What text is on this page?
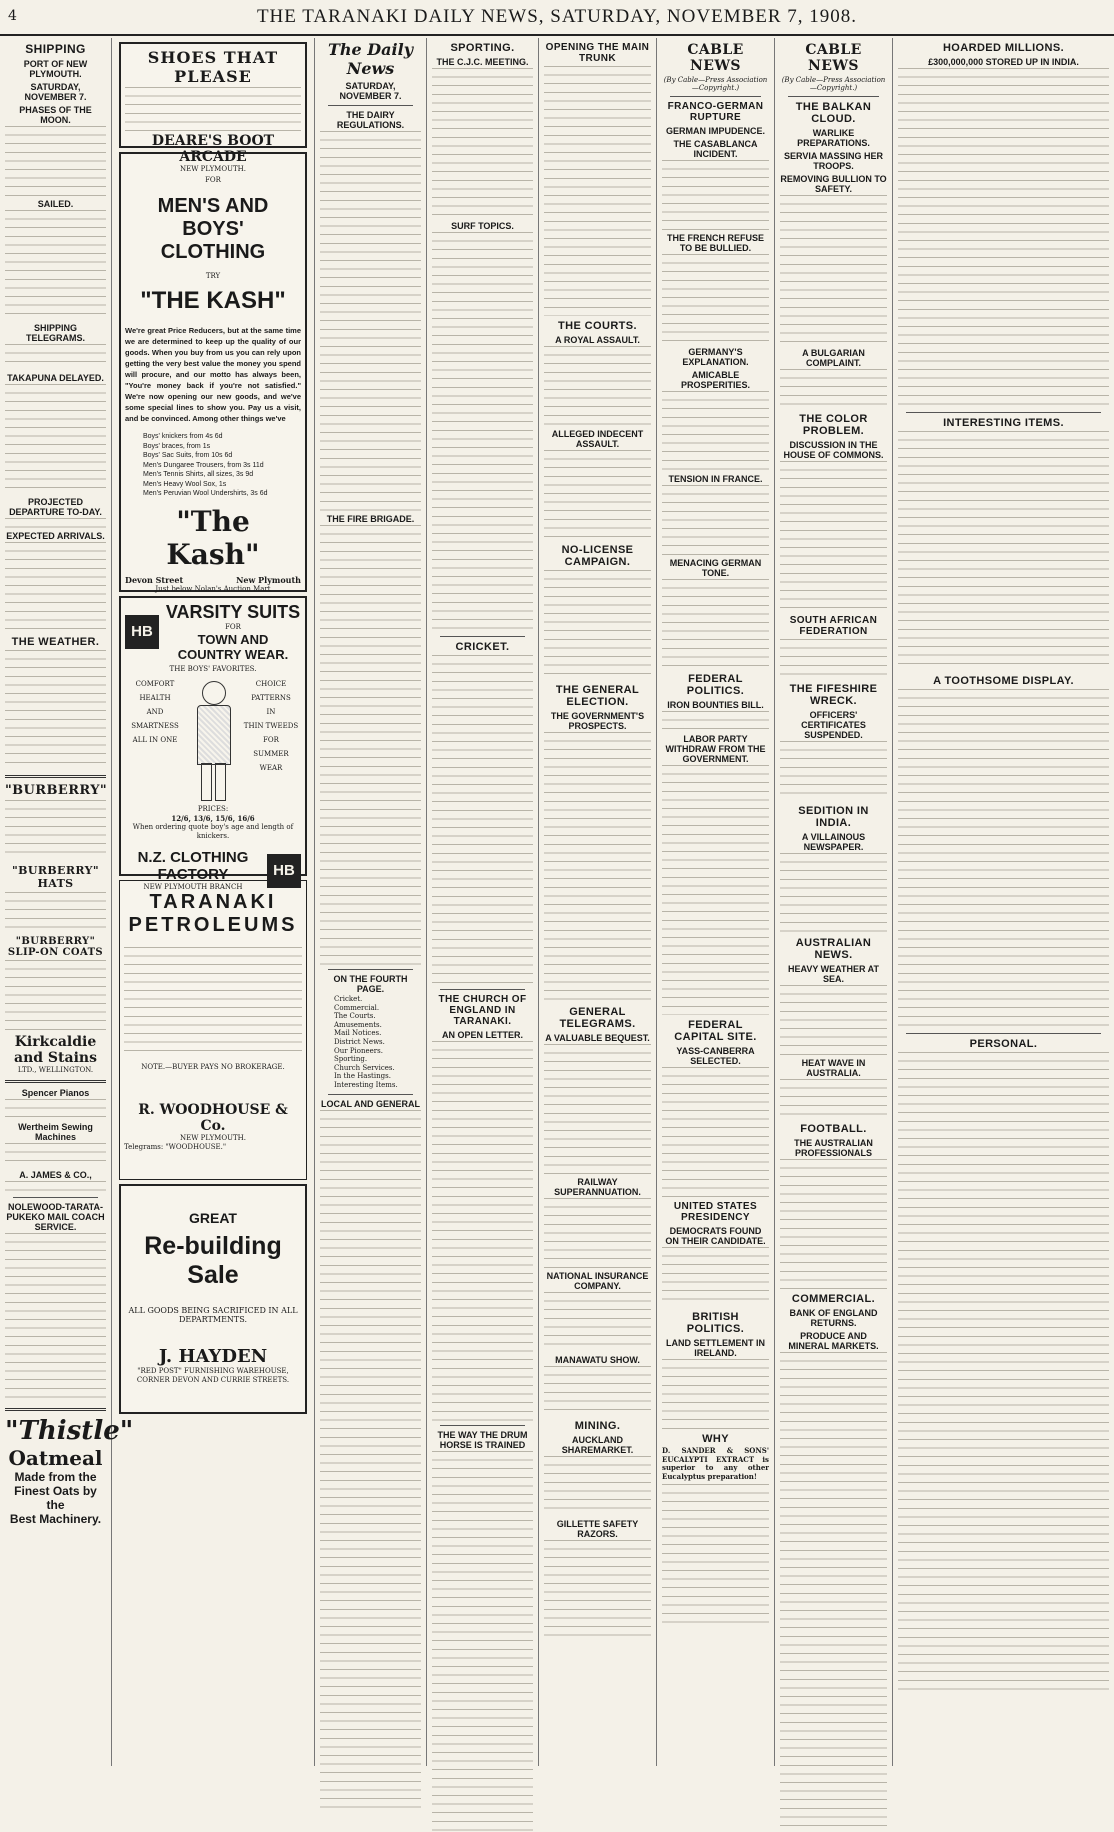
4	THE TARANAKI DAILY NEWS, SATURDAY, NOVEMBER 7, 1908.
SHIPPING
PORT OF NEW PLYMOUTH.
SATURDAY, NOVEMBER 7.
PHASES OF THE MOON.
SAILED.
SHIPPING TELEGRAMS.
TAKAPUNA DELAYED.
PROJECTED DEPARTURE TO-DAY.
EXPECTED ARRIVALS.
THE WEATHER.
"BURBERRY"
"BURBERRY" HATS
"BURBERRY" SLIP-ON COATS
Kirkcaldie and Stains
LTD., WELLINGTON.
Spencer Pianos
Wertheim Sewing Machines
A. JAMES & CO.,
NOLEWOOD-TARATA-PUKEKO MAIL COACH SERVICE.
"Thistle"
Oatmeal
Made from the
Finest Oats by the
Best Machinery.
SHOES THAT PLEASE
DEARE'S BOOT ARCADE
NEW PLYMOUTH.
FOR
MEN'S AND BOYS'
CLOTHING
TRY
"THE KASH"
We're great Price Reducers, but at the same time we are determined to keep up the quality of our goods. When you buy from us you can rely upon getting the very best value the money you spend will procure, and our motto has always been, "You're money back if you're not satisfied." We're now opening our new goods, and we've some special lines to show you. Pay us a visit, and be convinced. Among other things we've
Boys' knickers from 4s 6d
Boys' braces, from 1s
Boys' Sac Suits, from 10s 6d
Men's Dungaree Trousers, from 3s 11d
Men's Tennis Shirts, all sizes, 3s 9d
Men's Heavy Wool Sox, 1s
Men's Peruvian Wool Undershirts, 3s 6d
"The Kash"
Devon Street	New Plymouth
Just below Nolan's Auction Mart
HB
VARSITY SUITS
FOR
TOWN AND COUNTRY WEAR.
THE BOYS' FAVORITES.
COMFORT
HEALTH
AND
SMARTNESS
ALL IN ONE
CHOICE PATTERNS
IN
THIN TWEEDS
FOR
SUMMER
WEAR
PRICES:
12/6, 13/6, 15/6, 16/6
When ordering quote boy's age and length of knickers.
N.Z. CLOTHING FACTORY
NEW PLYMOUTH BRANCH
HB
TARANAKI
PETROLEUMS
NOTE.—BUYER PAYS NO BROKERAGE.
R. WOODHOUSE & Co.
NEW PLYMOUTH.
Telegrams: "WOODHOUSE."
GREAT
Re-building Sale
ALL GOODS BEING SACRIFICED IN ALL DEPARTMENTS.
J. HAYDEN
"RED POST" FURNISHING WAREHOUSE,
CORNER DEVON AND CURRIE STREETS.
The Daily News
SATURDAY, NOVEMBER 7.
THE DAIRY REGULATIONS.
THE FIRE BRIGADE.
ON THE FOURTH PAGE.
Cricket.
Commercial.
The Courts.
Amusements.
Mail Notices.
District News.
Our Pioneers.
Sporting.
Church Services.
In the Hastings.
Interesting Items.
LOCAL AND GENERAL
SPORTING.
THE C.J.C. MEETING.
SURF TOPICS.
CRICKET.
THE CHURCH OF ENGLAND IN TARANAKI.
AN OPEN LETTER.
THE WAY THE DRUM HORSE IS TRAINED
OPENING THE MAIN TRUNK
THE COURTS.
A ROYAL ASSAULT.
ALLEGED INDECENT ASSAULT.
NO-LICENSE CAMPAIGN.
THE GENERAL ELECTION.
THE GOVERNMENT'S PROSPECTS.
GENERAL TELEGRAMS.
A VALUABLE BEQUEST.
RAILWAY SUPERANNUATION.
NATIONAL INSURANCE COMPANY.
MANAWATU SHOW.
MINING.
AUCKLAND SHAREMARKET.
GILLETTE SAFETY RAZORS.
CABLE NEWS
(By Cable—Press Association—Copyright.)
FRANCO-GERMAN RUPTURE
GERMAN IMPUDENCE.
THE CASABLANCA INCIDENT.
THE FRENCH REFUSE TO BE BULLIED.
GERMANY'S EXPLANATION.
AMICABLE PROSPERITIES.
TENSION IN FRANCE.
MENACING GERMAN TONE.
FEDERAL POLITICS.
IRON BOUNTIES BILL.
LABOR PARTY WITHDRAW FROM THE GOVERNMENT.
FEDERAL CAPITAL SITE.
YASS-CANBERRA SELECTED.
UNITED STATES PRESIDENCY
DEMOCRATS FOUND ON THEIR CANDIDATE.
BRITISH POLITICS.
LAND SETTLEMENT IN IRELAND.
WHY
D. SANDER & SONS' EUCALYPTI EXTRACT is superior to any other Eucalyptus preparation!
CABLE NEWS
(By Cable—Press Association—Copyright.)
THE BALKAN CLOUD.
WARLIKE PREPARATIONS.
SERVIA MASSING HER TROOPS.
REMOVING BULLION TO SAFETY.
A BULGARIAN COMPLAINT.
THE COLOR PROBLEM.
DISCUSSION IN THE HOUSE OF COMMONS.
SOUTH AFRICAN FEDERATION
THE FIFESHIRE WRECK.
OFFICERS' CERTIFICATES SUSPENDED.
SEDITION IN INDIA.
A VILLAINOUS NEWSPAPER.
AUSTRALIAN NEWS.
HEAVY WEATHER AT SEA.
HEAT WAVE IN AUSTRALIA.
FOOTBALL.
THE AUSTRALIAN PROFESSIONALS
COMMERCIAL.
BANK OF ENGLAND RETURNS.
PRODUCE AND MINERAL MARKETS.
HOARDED MILLIONS.
£300,000,000 STORED UP IN INDIA.
INTERESTING ITEMS.
A TOOTHSOME DISPLAY.
PERSONAL.
